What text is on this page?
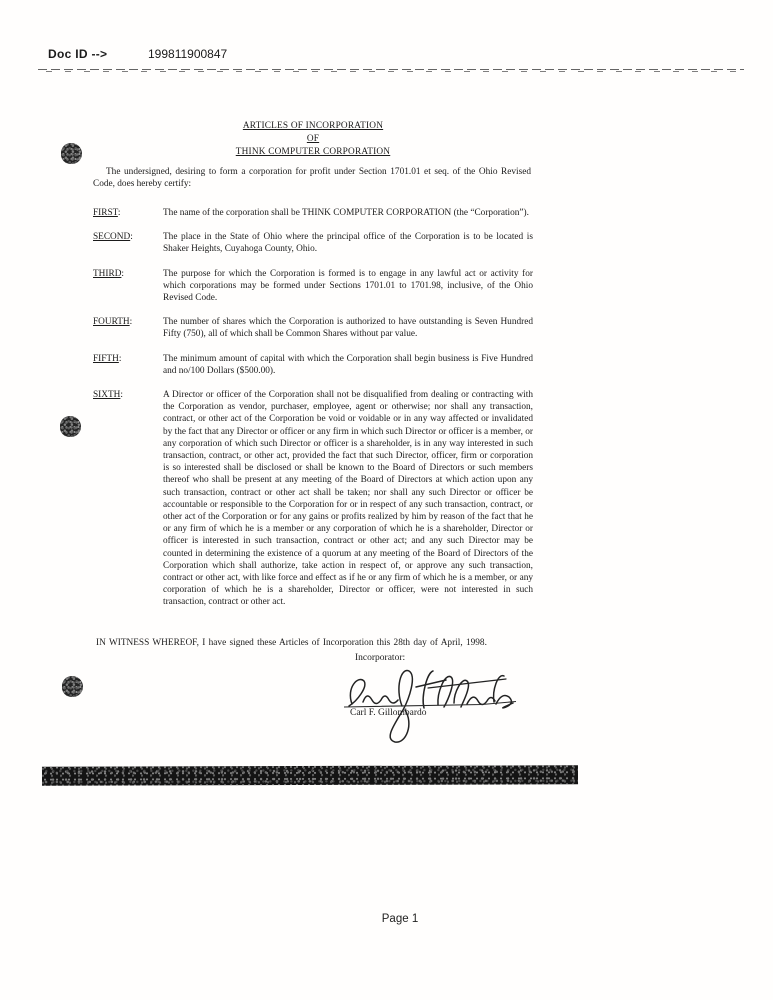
Doc ID -->	199811900847
ARTICLES OF INCORPORATION
OF
THINK COMPUTER CORPORATION

The undersigned, desiring to form a corporation for profit under Section 1701.01 et seq. of the Ohio Revised Code, does hereby certify:

FIRST:	The name of the corporation shall be THINK COMPUTER CORPORATION (the “Corporation”).
SECOND:	The place in the State of Ohio where the principal office of the Corporation is to be located is Shaker Heights, Cuyahoga County, Ohio.
THIRD:	The purpose for which the Corporation is formed is to engage in any lawful act or activity for which corporations may be formed under Sections 1701.01 to 1701.98, inclusive, of the Ohio Revised Code.
FOURTH:	The number of shares which the Corporation is authorized to have outstanding is Seven Hundred Fifty (750), all of which shall be Common Shares without par value.
FIFTH:	The minimum amount of capital with which the Corporation shall begin business is Five Hundred and no/100 Dollars ($500.00).
SIXTH:	A Director or officer of the Corporation shall not be disqualified from dealing or contracting with the Corporation as vendor, purchaser, employee, agent or otherwise; nor shall any transaction, contract, or other act of the Corporation be void or voidable or in any way affected or invalidated by the fact that any Director or officer or any firm in which such Director or officer is a member, or any corporation of which such Director or officer is a shareholder, is in any way interested in such transaction, contract, or other act, provided the fact that such Director, officer, firm or corporation is so interested shall be disclosed or shall be known to the Board of Directors or such members thereof who shall be present at any meeting of the Board of Directors at which action upon any such transaction, contract or other act shall be taken; nor shall any such Director or officer be accountable or responsible to the Corporation for or in respect of any such transaction, contract, or other act of the Corporation or for any gains or profits realized by him by reason of the fact that he or any firm of which he is a member or any corporation of which he is a shareholder, Director or officer is interested in such transaction, contract or other act; and any such Director may be counted in determining the existence of a quorum at any meeting of the Board of Directors of the Corporation which shall authorize, take action in respect of, or approve any such transaction, contract or other act, with like force and effect as if he or any firm of which he is a member, or any corporation of which he is a shareholder, Director or officer, were not interested in such transaction, contract or other act.

IN WITNESS WHEREOF, I have signed these Articles of Incorporation this 28th day of April, 1998.

Incorporator:
Carl F. Gillombardo
Page 1
